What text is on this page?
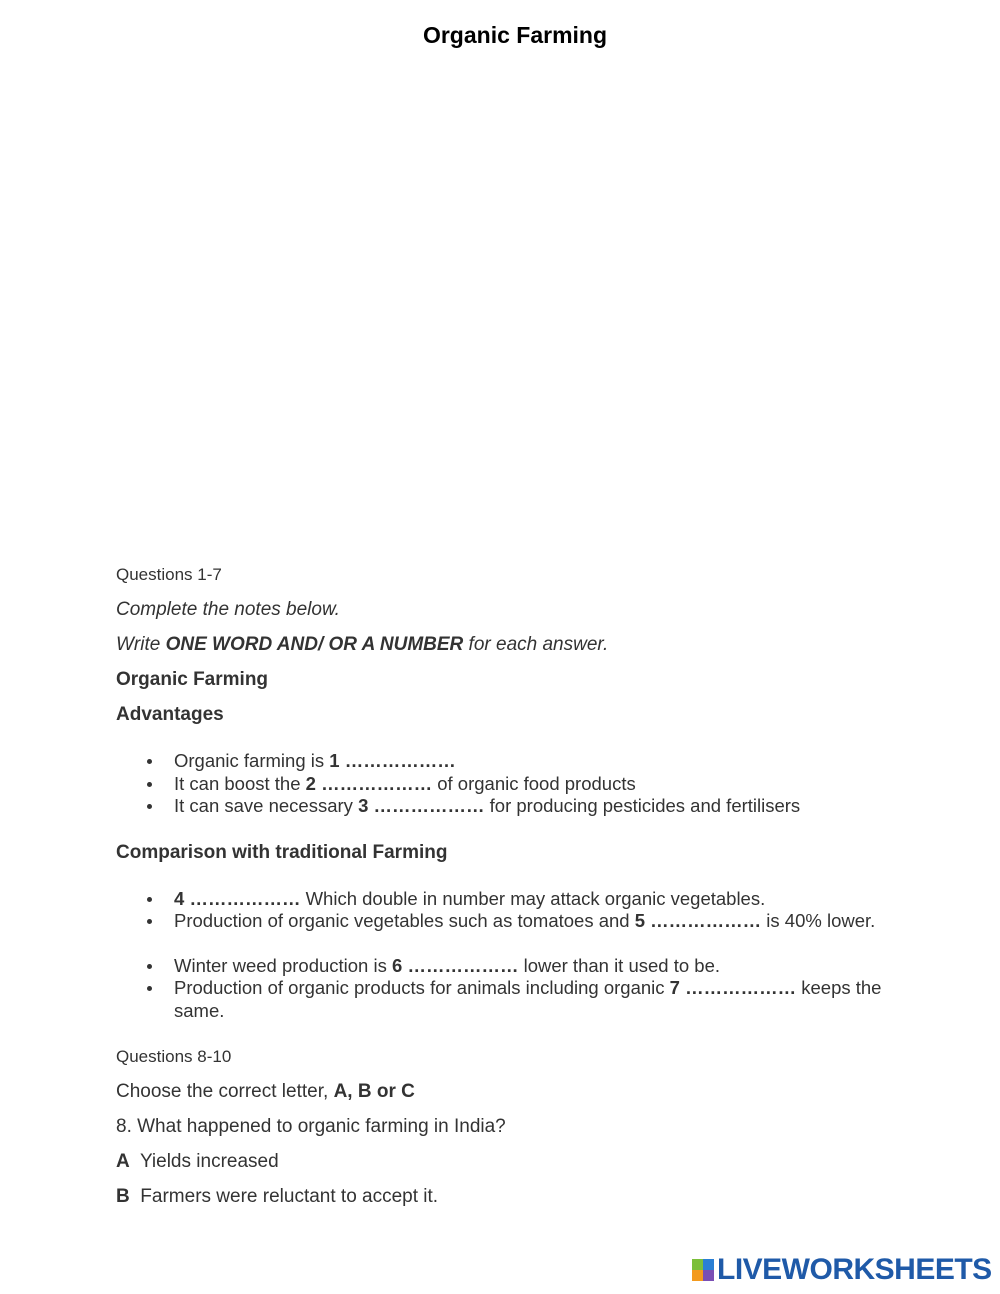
Organic Farming

Questions 1-7

Complete the notes below.

Write ONE WORD AND/ OR A NUMBER for each answer.

Organic Farming

Advantages

Organic farming is 1 ………………
It can boost the 2 ……………… of organic food products
It can save necessary 3 ……………… for producing pesticides and fertilisers

Comparison with traditional Farming

4 ……………… Which double in number may attack organic vegetables.
Production of organic vegetables such as tomatoes and 5 ……………… is 40% lower.
Winter weed production is 6 ……………… lower than it used to be.
Production of organic products for animals including organic 7 ……………… keeps the same.

Questions 8-10

Choose the correct letter, A, B or C

8. What happened to organic farming in India?

A Yields increased

B Farmers were reluctant to accept it.

LIVEWORKSHEETS
